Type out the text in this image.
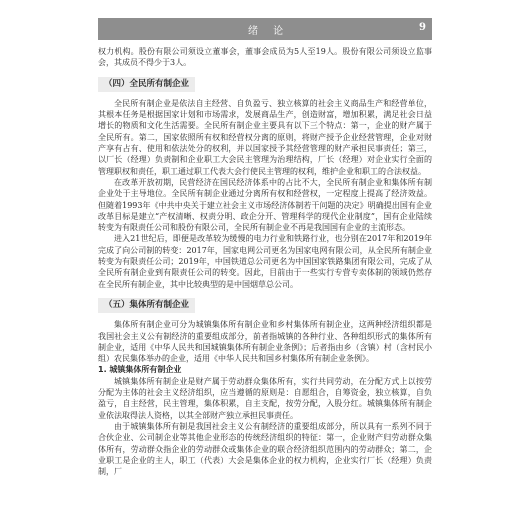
绪 论	9

权力机构。股份有限公司须设立董事会，董事会成员为5人至19人。股份有限公司须设立监事会，其成员不得少于3人。

（四）全民所有制企业

全民所有制企业是依法自主经营、自负盈亏、独立核算的社会主义商品生产和经营单位，其根本任务是根据国家计划和市场需求，发展商品生产，创造财富，增加积累，满足社会日益增长的物质和文化生活需要。全民所有制企业主要具有以下三个特点：第一，企业的财产属于全民所有。第二，国家依照所有权和经营权分离的原则，将财产授予企业经营管理，企业对财产享有占有、使用和依法处分的权利，并以国家授予其经营管理的财产承担民事责任；第三，以厂长（经理）负责制和企业职工大会民主管理为治理结构，厂长（经理）对企业实行全面的管理职权和责任，职工通过职工代表大会行使民主管理的权利，维护企业和职工的合法权益。

在改革开放初期，民营经济在国民经济体系中的占比不大，全民所有制企业和集体所有制企业处于主导地位。全民所有制企业通过分离所有权和经营权，一定程度上提高了经济效益。但随着1993年《中共中央关于建立社会主义市场经济体制若干问题的决定》明确提出国有企业改革目标是建立“产权清晰、权责分明、政企分开、管理科学的现代企业制度”，国有企业陆续转变为有限责任公司和股份有限公司，全民所有制企业不再是我国国有企业的主流形态。

进入21世纪后，即便是改革较为缓慢的电力行业和铁路行业，也分别在2017年和2019年完成了向公司制的转变：2017年，国家电网公司更名为国家电网有限公司，从全民所有制企业转变为有限责任公司；2019年，中国铁道总公司更名为中国国家铁路集团有限公司，完成了从全民所有制企业到有限责任公司的转变。因此，目前由于一些实行专营专卖体制的领域仍然存在全民所有制企业，其中比较典型的是中国烟草总公司。

（五）集体所有制企业

集体所有制企业可分为城镇集体所有制企业和乡村集体所有制企业，这两种经济组织都是我国社会主义公有制经济的重要组成部分，前者指城镇的各种行业、各种组织形式的集体所有制企业，适用《中华人民共和国城镇集体所有制企业条例》；后者指由乡（含镇）村（含村民小组）农民集体举办的企业，适用《中华人民共和国乡村集体所有制企业条例》。

1. 城镇集体所有制企业

城镇集体所有制企业是财产属于劳动群众集体所有，实行共同劳动，在分配方式上以按劳分配为主体的社会主义经济组织，应当遵循的原则是：自愿组合，自筹资金，独立核算，自负盈亏，自主经营，民主管理，集体积累，自主支配，按劳分配，入股分红。城镇集体所有制企业依法取得法人资格，以其全部财产独立承担民事责任。

由于城镇集体所有制是我国社会主义公有制经济的重要组成部分，所以具有一系列不同于合伙企业、公司制企业等其他企业形态的传统经济组织的特征：第一，企业财产归劳动群众集体所有，劳动群众指企业的劳动群众或集体企业的联合经济组织范围内的劳动群众；第二，企业职工是企业的主人，职工（代表）大会是集体企业的权力机构，企业实行厂长（经理）负责制，厂
